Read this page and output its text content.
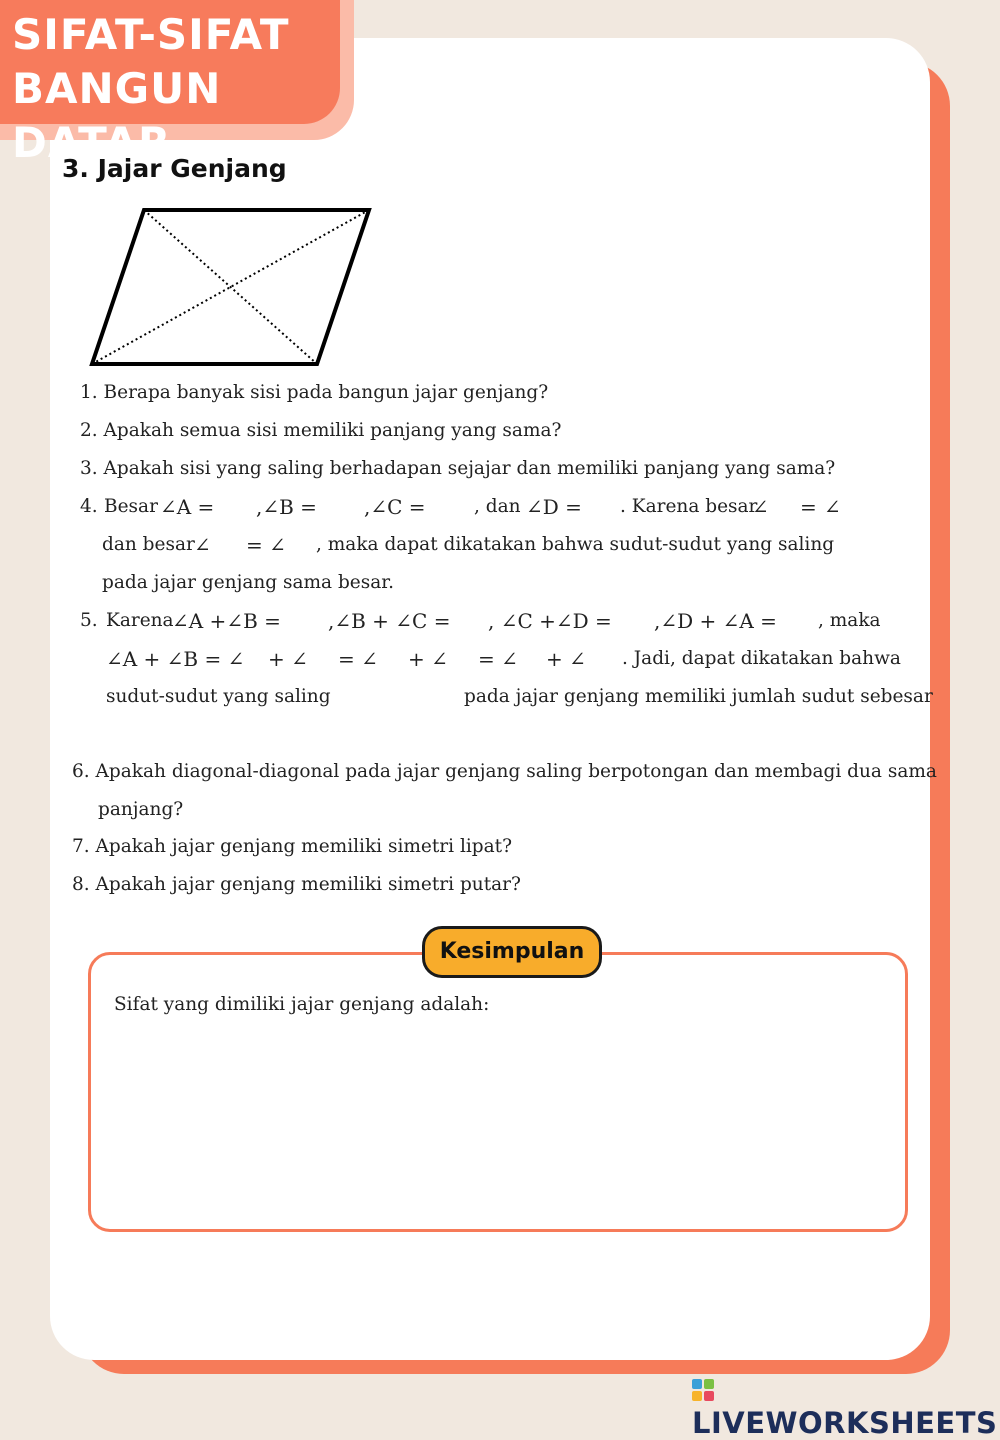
SIFAT-SIFAT
BANGUN DATAR
3. Jajar Genjang
1. Berapa banyak sisi pada bangun jajar genjang?
2. Apakah semua sisi memiliki panjang yang sama?
3. Apakah sisi yang saling berhadapan sejajar dan memiliki panjang yang sama?
4. Besar ∠A = ,∠B = ,∠C =	, dan ∠D = . Karena besar
∠ = ∠
dan besar ∠ = ∠ , maka dapat dikatakan bahwa sudut-sudut yang saling
pada jajar genjang sama besar.
5. Karena
∠A +∠B = ,∠B + ∠C = , ∠C +∠D = ,∠D + ∠A = , maka
∠A + ∠B = ∠ + ∠ = ∠ + ∠ = ∠ + ∠ . Jadi, dapat dikatakan bahwa
sudut-sudut yang saling	pada jajar genjang memiliki jumlah sudut sebesar
6. Apakah diagonal-diagonal pada jajar genjang saling berpotongan dan membagi dua sama
panjang?
7. Apakah jajar genjang memiliki simetri lipat?
8. Apakah jajar genjang memiliki simetri putar?
Kesimpulan
Sifat yang dimiliki jajar genjang adalah:
LIVEWORKSHEETS
